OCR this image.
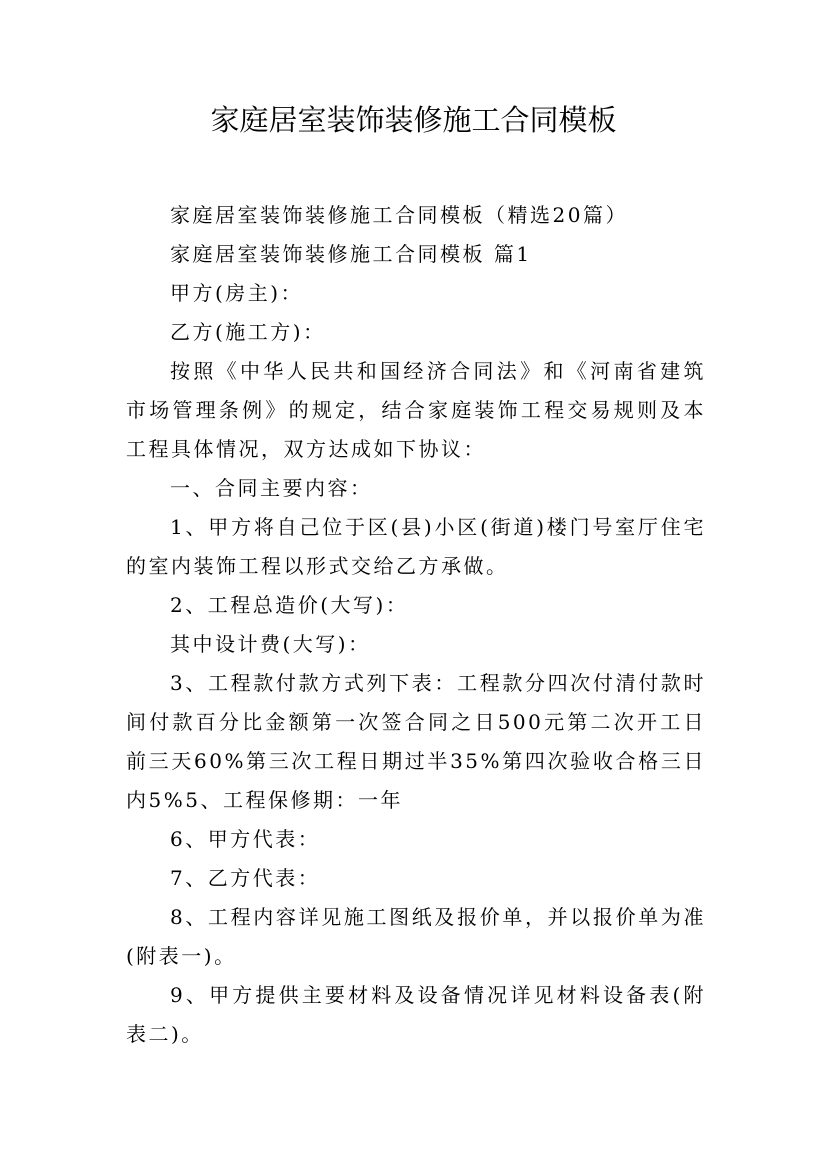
家庭居室装饰装修施工合同模板

家庭居室装饰装修施工合同模板（精选20篇）

家庭居室装饰装修施工合同模板 篇1

甲方(房主)：

乙方(施工方)：

按照《中华人民共和国经济合同法》和《河南省建筑市场管理条例》的规定，结合家庭装饰工程交易规则及本工程具体情况，双方达成如下协议：

一、合同主要内容：

1、甲方将自己位于区(县)小区(街道)楼门号室厅住宅的室内装饰工程以形式交给乙方承做。

2、工程总造价(大写)：

其中设计费(大写)：

3、工程款付款方式列下表：工程款分四次付清付款时间付款百分比金额第一次签合同之日500元第二次开工日前三天60%第三次工程日期过半35%第四次验收合格三日内5%5、工程保修期：一年

6、甲方代表：

7、乙方代表：

8、工程内容详见施工图纸及报价单，并以报价单为准(附表一)。

9、甲方提供主要材料及设备情况详见材料设备表(附表二)。
